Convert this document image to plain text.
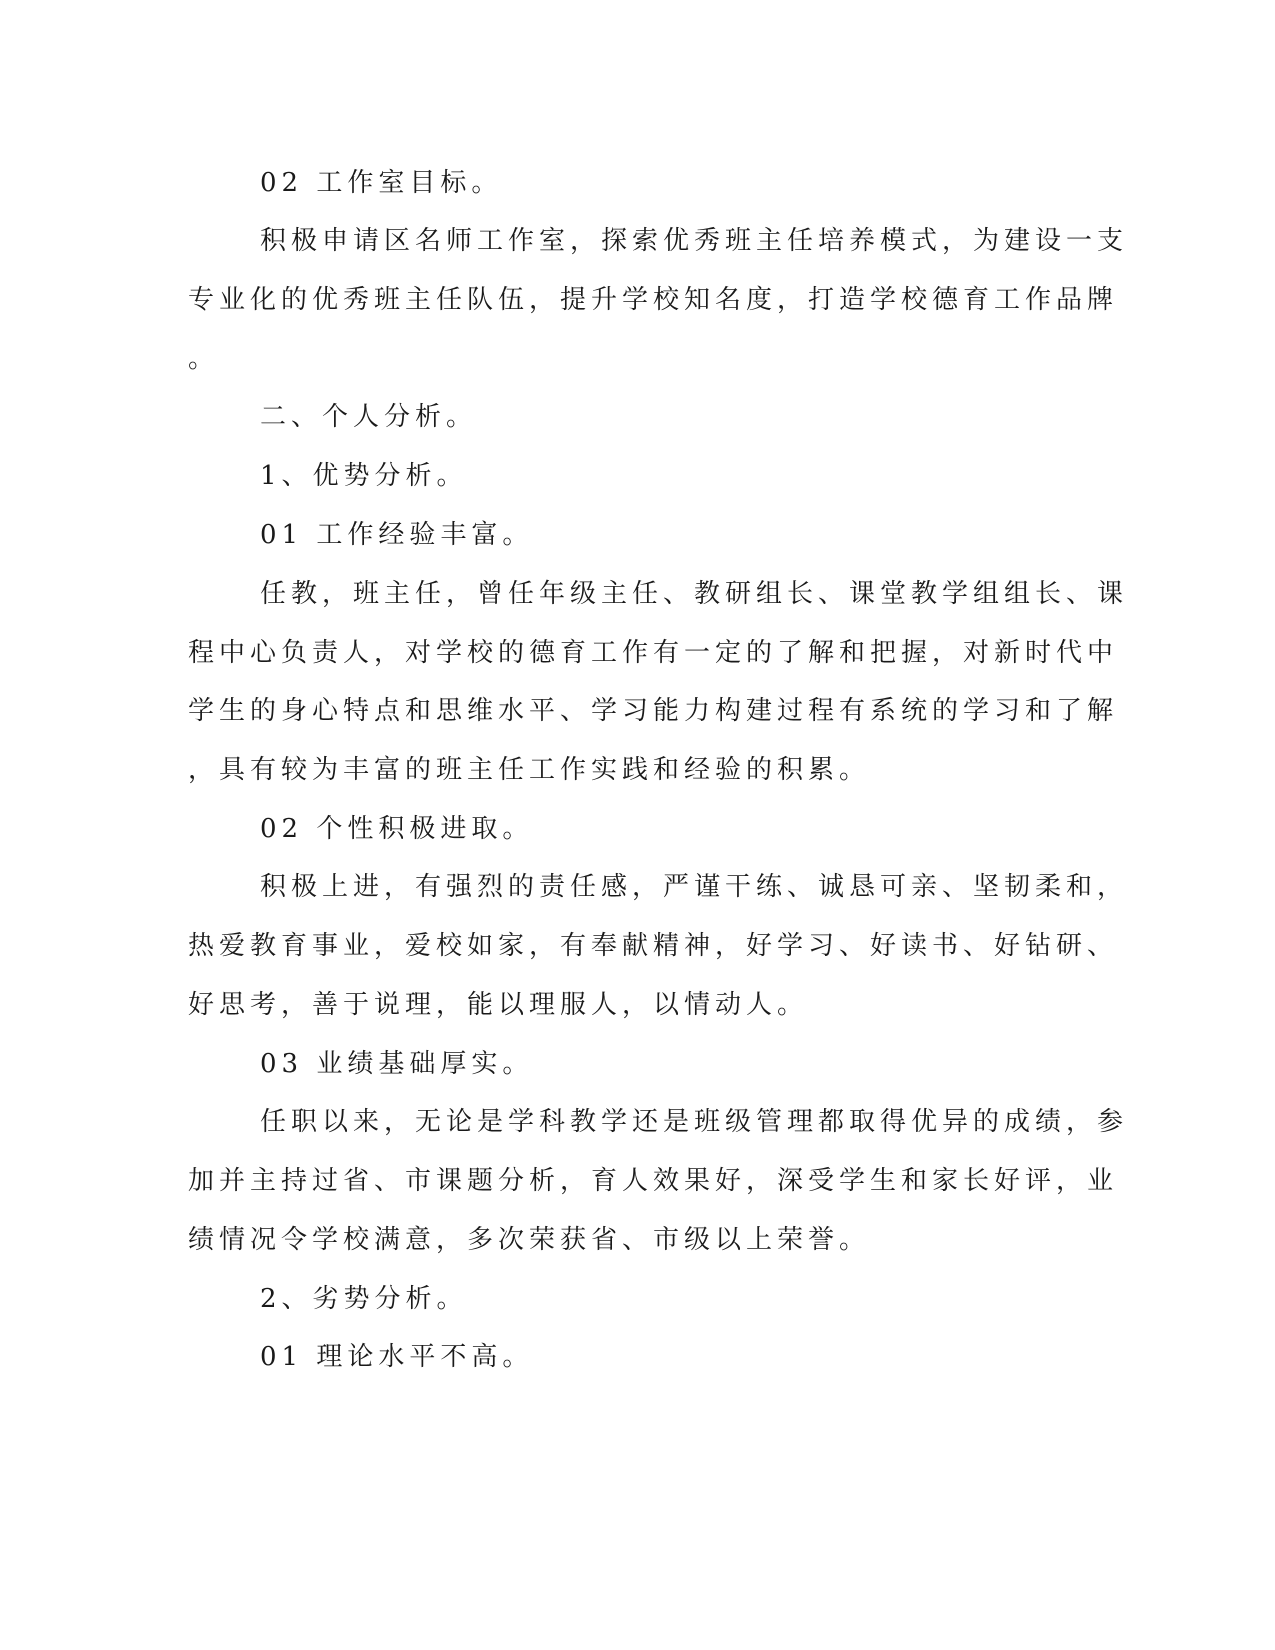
02 工作室目标。
积极申请区名师工作室，探索优秀班主任培养模式，为建设一支
专业化的优秀班主任队伍，提升学校知名度，打造学校德育工作品牌
。
二、个人分析。
1、优势分析。
01 工作经验丰富。
任教，班主任，曾任年级主任、教研组长、课堂教学组组长、课
程中心负责人，对学校的德育工作有一定的了解和把握，对新时代中
学生的身心特点和思维水平、学习能力构建过程有系统的学习和了解
，具有较为丰富的班主任工作实践和经验的积累。
02 个性积极进取。
积极上进，有强烈的责任感，严谨干练、诚恳可亲、坚韧柔和，
热爱教育事业，爱校如家，有奉献精神，好学习、好读书、好钻研、
好思考，善于说理，能以理服人，以情动人。
03 业绩基础厚实。
任职以来，无论是学科教学还是班级管理都取得优异的成绩，参
加并主持过省、市课题分析，育人效果好，深受学生和家长好评，业
绩情况令学校满意，多次荣获省、市级以上荣誉。
2、劣势分析。
01 理论水平不高。
